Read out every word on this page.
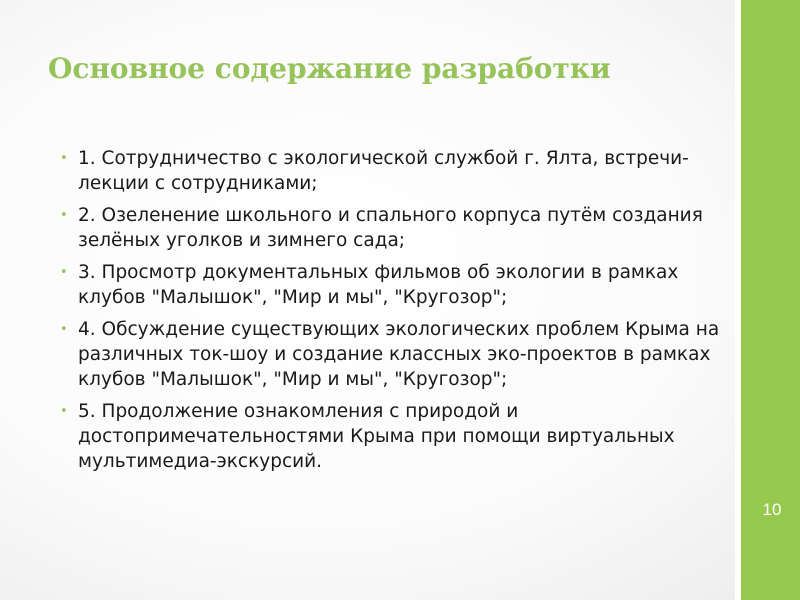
Основное содержание разработки
• 1. Сотрудничество с экологической службой г. Ялта, встречи-лекции с сотрудниками;
• 2. Озеленение школьного и спального корпуса путём создания зелёных уголков и зимнего сада;
• 3. Просмотр документальных фильмов об экологии в рамках клубов "Малышок", "Мир и мы", "Кругозор";
• 4. Обсуждение существующих экологических проблем Крыма на различных ток-шоу и создание классных эко-проектов в рамках клубов "Малышок", "Мир и мы", "Кругозор";
• 5. Продолжение ознакомления с природой и достопримечательностями Крыма при помощи виртуальных мультимедиа-экскурсий.
10
